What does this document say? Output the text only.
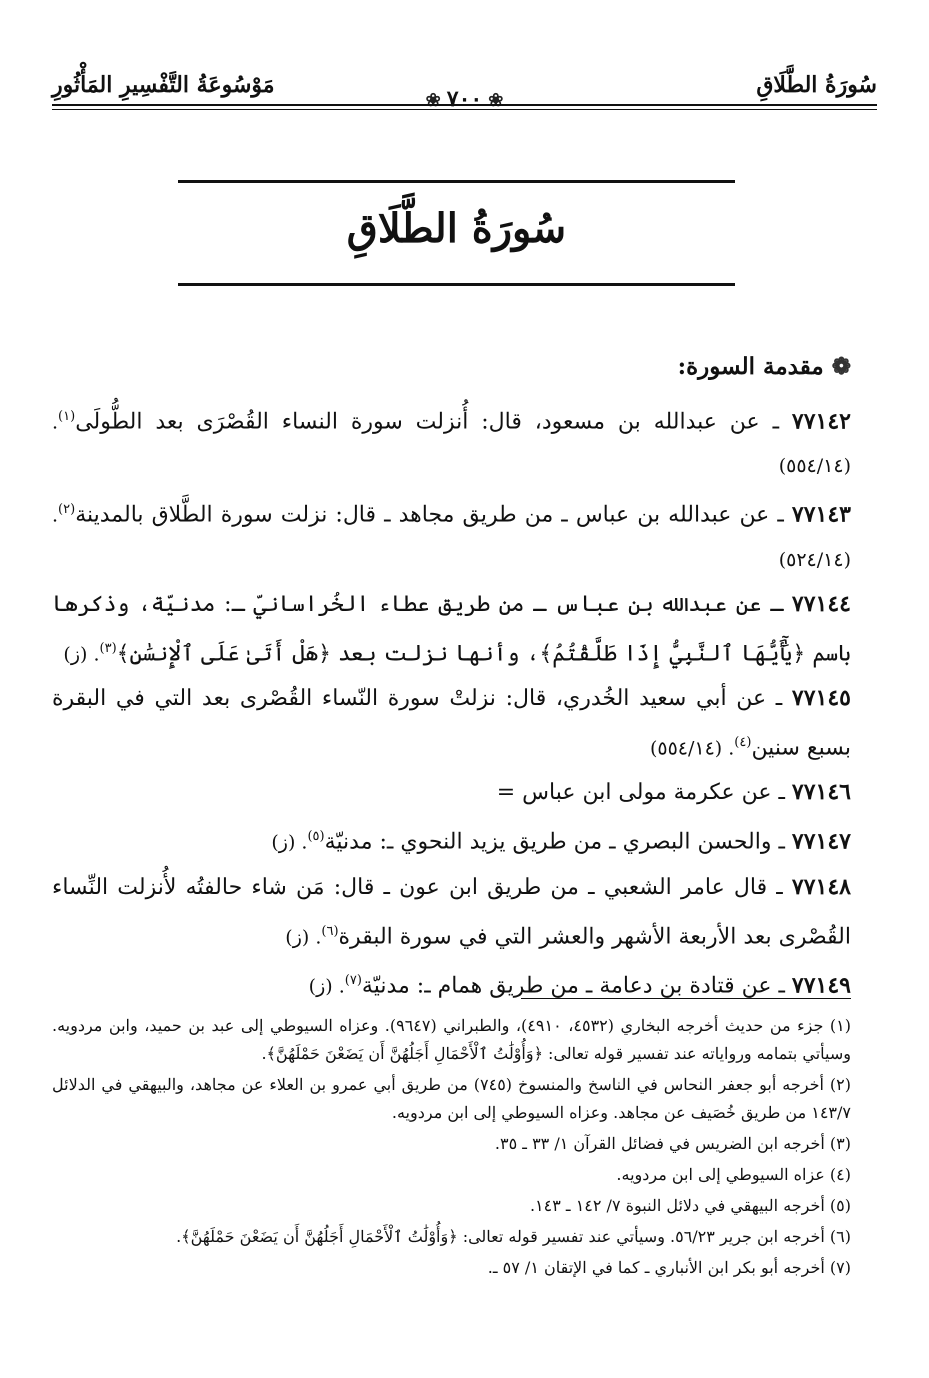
سُورَةُ الطَّلَاقِ
❀٧٠٠❀
مَوْسُوعَةُ التَّفْسِيرِ المَأْثُورِ
سُورَةُ الطَّلَاقِ
❁مقدمة السورة:

٧٧١٤٢ ـ عن عبدالله بن مسعود، قال: أُنزلت سورة النساء القُصْرَى بعد الطُّولَى$^{(١)}$. (٥٥٤/١٤)

٧٧١٤٣ ـ عن عبدالله بن عباس ـ من طريق مجاهد ـ قال: نزلت سورة الطَّلاق بالمدينة$^{(٢)}$. (٥٢٤/١٤)

٧٧١٤٤ ـ عن عبدالله بن عباس ـ من طريق عطاء الخُراسانيّ ـ: مدنيّة، وذكرها باسم ﴿يَٰٓأَيُّهَا ٱلنَّبِيُّ إِذَا طَلَّقْتُمُ﴾، وأنها نزلت بعد ﴿هَلْ أَتَىٰ عَلَى ٱلْإِنسَٰنِ﴾$^{(٣)}$. (ز)

٧٧١٤٥ ـ عن أبي سعيد الخُدري، قال: نزلتْ سورة النّساء القُصْرى بعد التي في البقرة بسبع سنين$^{(٤)}$. (٥٥٤/١٤)

٧٧١٤٦ ـ عن عكرمة مولى ابن عباس =

٧٧١٤٧ ـ والحسن البصري ـ من طريق يزيد النحوي ـ: مدنيّة$^{(٥)}$. (ز)

٧٧١٤٨ ـ قال عامر الشعبي ـ من طريق ابن عون ـ قال: مَن شاء حالفتُه لأُنزلت النِّساء القُصْرى بعد الأربعة الأشهر والعشر التي في سورة البقرة$^{(٦)}$. (ز)

٧٧١٤٩ ـ عن قتادة بن دعامة ـ من طريق همام ـ: مدنيّة$^{(٧)}$. (ز)

(١) جزء من حديث أخرجه البخاري (٤٥٣٢، ٤٩١٠)، والطبراني (٩٦٤٧). وعزاه السيوطي إلى عبد بن حميد، وابن مردويه. وسيأتي بتمامه ورواياته عند تفسير قوله تعالى: ﴿وَأُوْلَٰتُ ٱلْأَحْمَالِ أَجَلُهُنَّ أَن يَضَعْنَ حَمْلَهُنَّ﴾.

(٢) أخرجه أبو جعفر النحاس في الناسخ والمنسوخ (٧٤٥) من طريق أبي عمرو بن العلاء عن مجاهد، والبيهقي في الدلائل ١٤٣/٧ من طريق خُصَيف عن مجاهد. وعزاه السيوطي إلى ابن مردويه.

(٣) أخرجه ابن الضريس في فضائل القرآن ١/ ٣٣ ـ ٣٥.

(٤) عزاه السيوطي إلى ابن مردويه.

(٥) أخرجه البيهقي في دلائل النبوة ٧/ ١٤٢ ـ ١٤٣.

(٦) أخرجه ابن جرير ٥٦/٢٣. وسيأتي عند تفسير قوله تعالى: ﴿وَأُوْلَٰتُ ٱلْأَحْمَالِ أَجَلُهُنَّ أَن يَضَعْنَ حَمْلَهُنَّ﴾.

(٧) أخرجه أبو بكر ابن الأنباري ـ كما في الإتقان ١/ ٥٧ ـ.
